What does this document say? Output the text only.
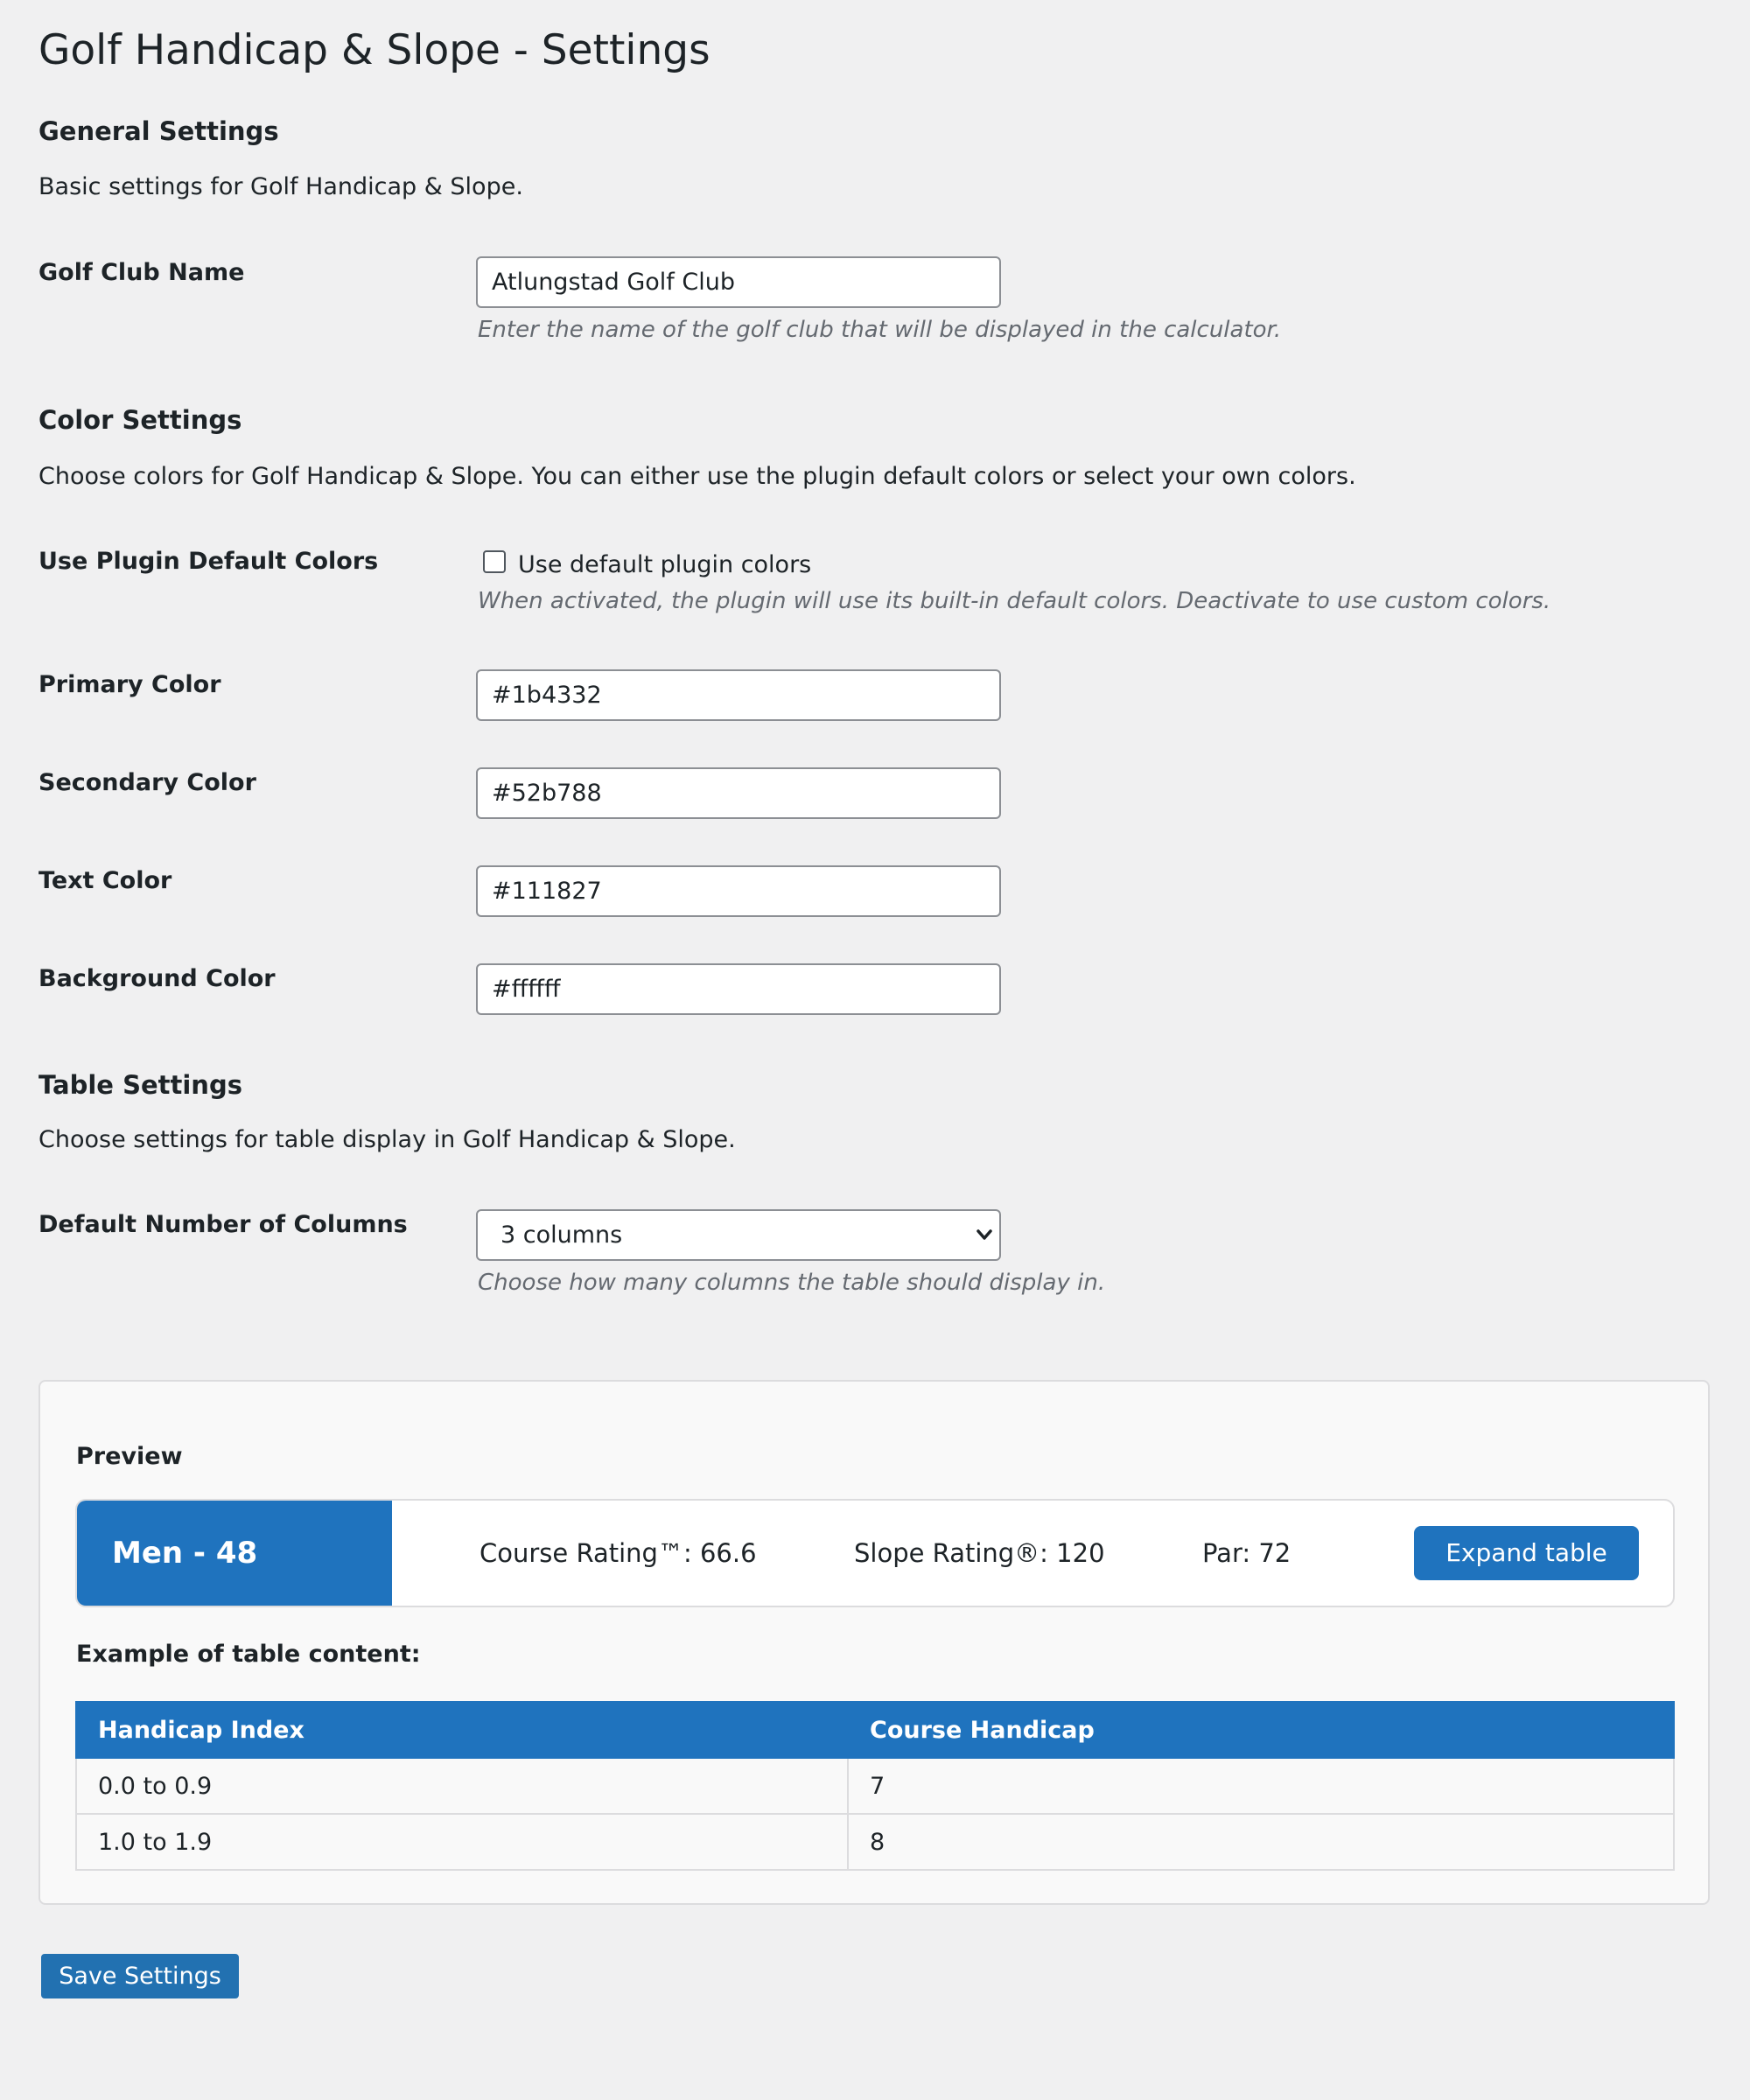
Golf Handicap & Slope - Settings
General Settings

Basic settings for Golf Handicap & Slope.

Golf Club Name
Atlungstad Golf Club
Enter the name of the golf club that will be displayed in the calculator.
Color Settings

Choose colors for Golf Handicap & Slope. You can either use the plugin default colors or select your own colors.

Use Plugin Default Colors	Use default plugin colors
When activated, the plugin will use its built-in default colors. Deactivate to use custom colors.
Primary Color
#1b4332
Secondary Color
#52b788
Text Color
#111827
Background Color
#ffffff
Table Settings

Choose settings for table display in Golf Handicap & Slope.

Default Number of Columns	3 columns
Choose how many columns the table should display in.
Preview
Men - 48	Course Rating™: 66.6	Slope Rating®: 120	Par: 72	Expand table
Example of table content:
Handicap Index	Course Handicap
0.0 to 0.9	7
1.0 to 1.9	8
Save Settings
